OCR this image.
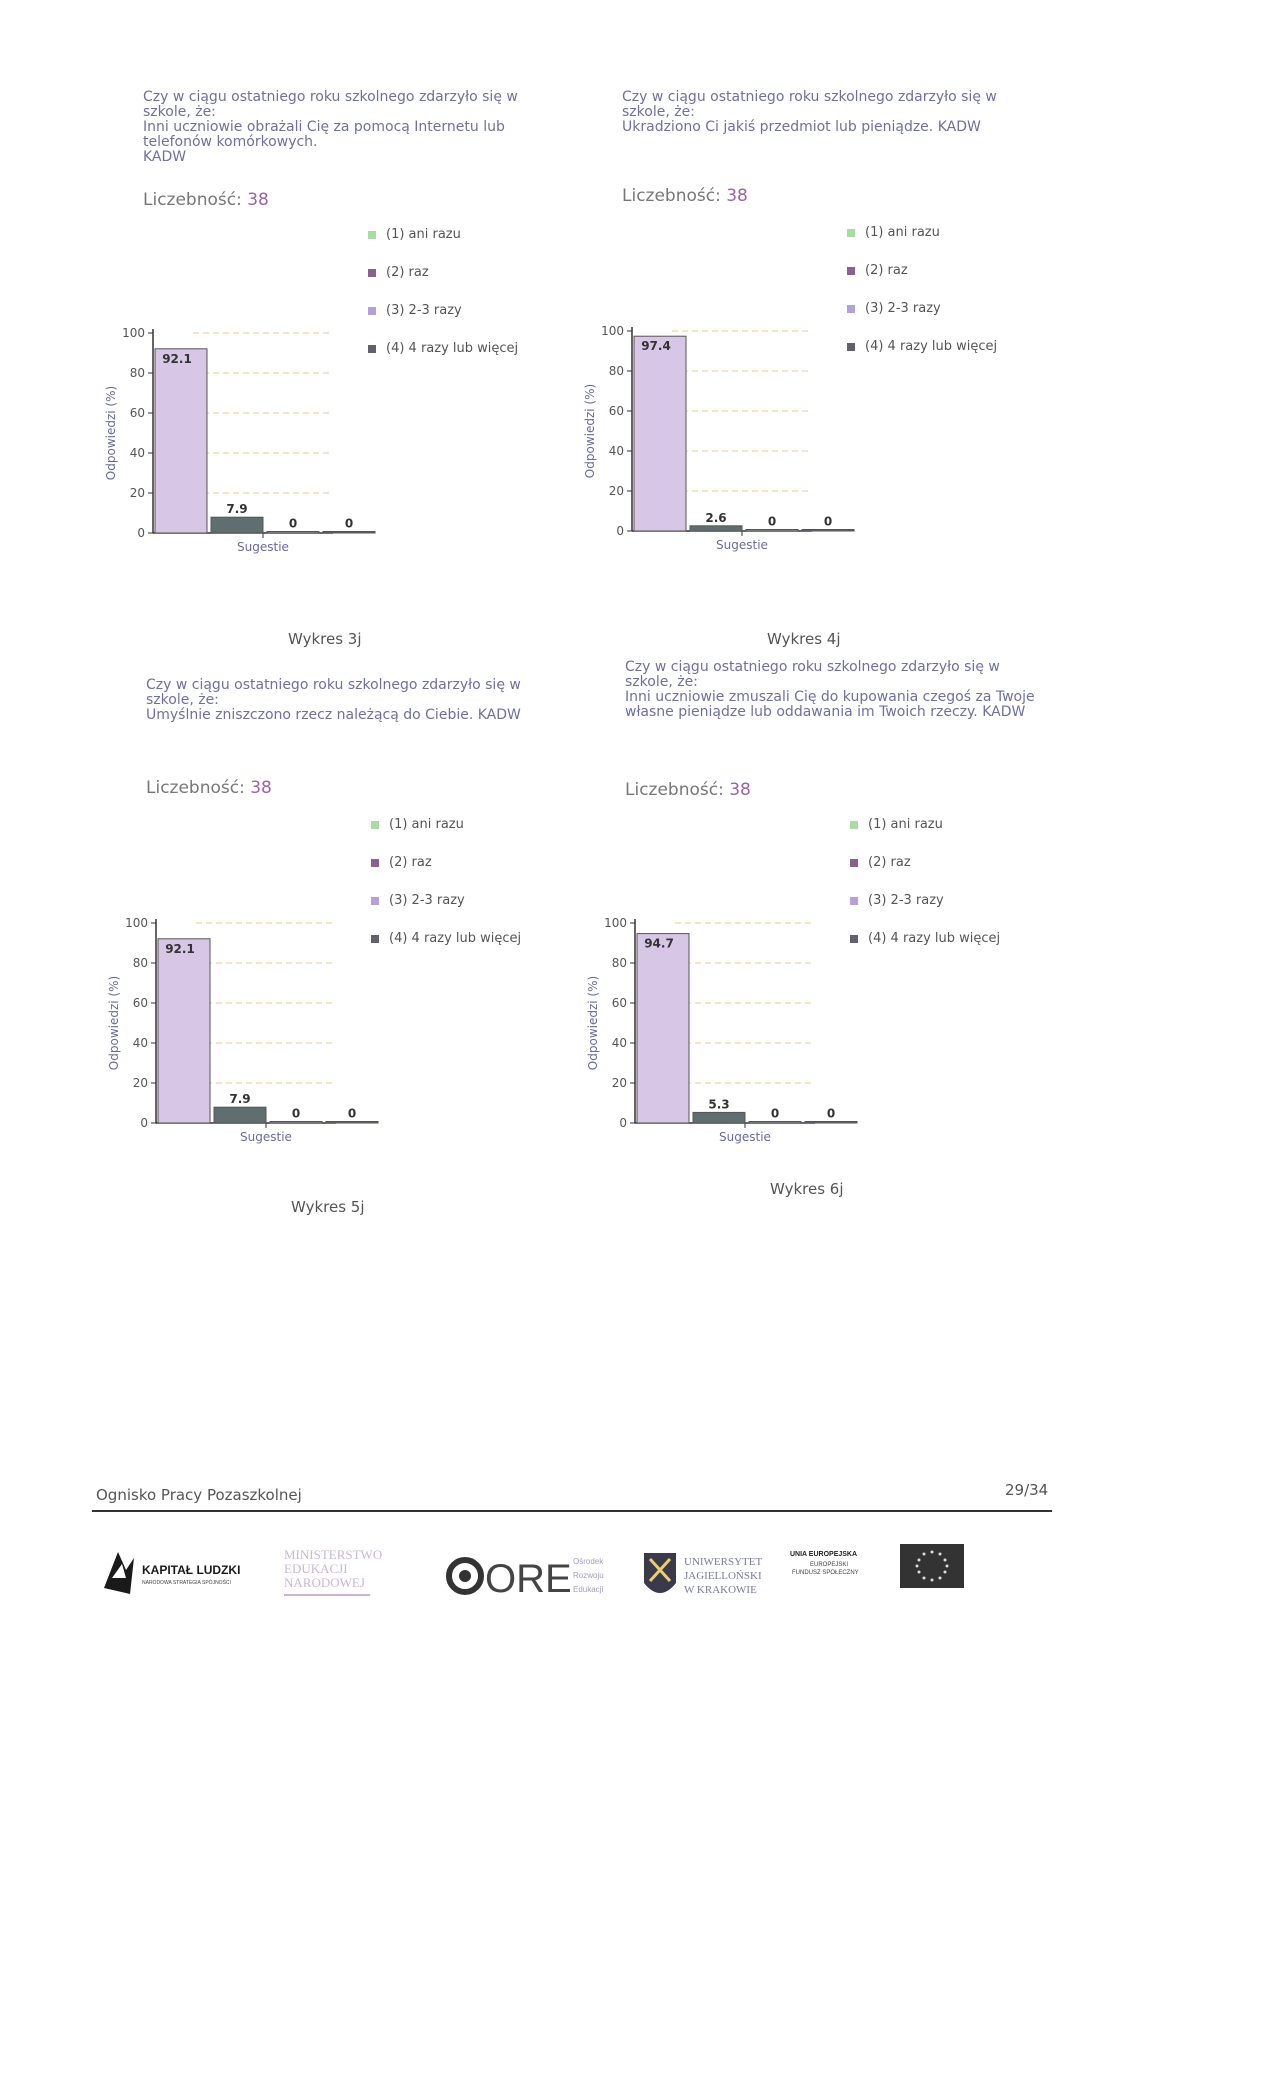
Czy w ciągu ostatniego roku szkolnego zdarzyło się w szkole, że:
Inni uczniowie obrażali Cię za pomocą Internetu lub telefonów komórkowych.
KADW
Liczebność: 38
Odpowiedzi (%)
0
20
40
60
80
100
Sugestie
92.1
7.9
0	0
(1) ani razu
(2) raz
(3) 2-3 razy
(4) 4 razy lub więcej
Wykres 3j
Czy w ciągu ostatniego roku szkolnego zdarzyło się w szkole, że:
Ukradziono Ci jakiś przedmiot lub pieniądze. KADW
Liczebność: 38
Odpowiedzi (%)
0
20
40
60
80
100
Sugestie
97.4
2.6	0	0
(1) ani razu
(2) raz
(3) 2-3 razy
(4) 4 razy lub więcej
Wykres 4j
Czy w ciągu ostatniego roku szkolnego zdarzyło się w szkole, że:
Umyślnie zniszczono rzecz należącą do Ciebie. KADW
Liczebność: 38
Odpowiedzi (%)
0
20
40
60
80
100
Sugestie
92.1
7.9
0	0
(1) ani razu
(2) raz
(3) 2-3 razy
(4) 4 razy lub więcej
Wykres 5j
Czy w ciągu ostatniego roku szkolnego zdarzyło się w szkole, że:
Inni uczniowie zmuszali Cię do kupowania czegoś za Twoje własne pieniądze lub oddawania im Twoich rzeczy. KADW
Liczebność: 38
Odpowiedzi (%)
0
20
40
60
80
100
Sugestie
94.7
5.3
0	0
(1) ani razu
(2) raz
(3) 2-3 razy
(4) 4 razy lub więcej
Wykres 6j
Ognisko Pracy Pozaszkolnej	29/34
KAPITAŁ LUDZKI
NARODOWA STRATEGIA SPÓJNOŚCI
MINISTERSTWO
EDUKACJI
NARODOWEJ	ORE Ośrodek
Rozwoju
Edukacji
UNIWERSYTET
JAGIELLOŃSKI
W KRAKOWIE
UNIA EUROPEJSKA
EUROPEJSKI
FUNDUSZ SPOŁECZNY
